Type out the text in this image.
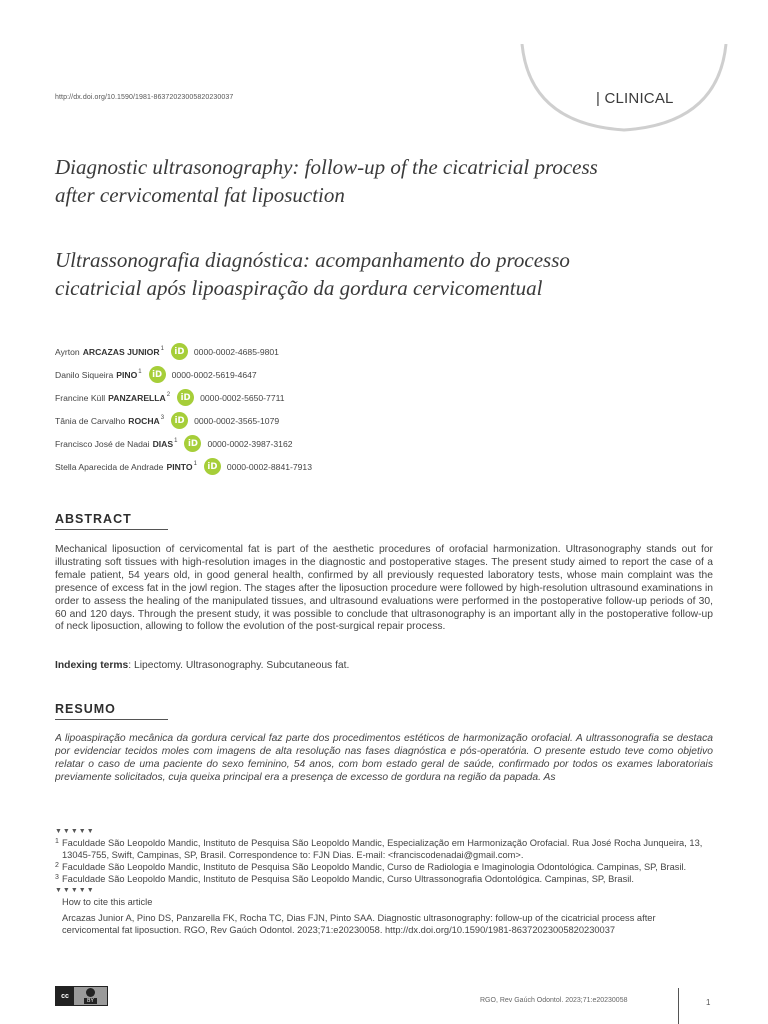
http://dx.doi.org/10.1590/1981-86372023005820230037	| CLINICAL
Diagnostic ultrasonography: follow-up of the cicatricial process after cervicomental fat liposuction
Ultrassonografia diagnóstica: acompanhamento do processo cicatricial após lipoaspiração da gordura cervicomentual
Ayrton ARCAZAS JUNIOR$^1$	iD	0000-0002-4685-9801
Danilo Siqueira PINO$^1$	iD	0000-0002-5619-4647
Francine Küll PANZARELLA$^2$	iD	0000-0002-5650-7711
Tânia de Carvalho ROCHA$^3$	iD	0000-0002-3565-1079
Francisco José de Nadai DIAS$^1$	iD	0000-0002-3987-3162
Stella Aparecida de Andrade PINTO$^1$	iD	0000-0002-8841-7913
ABSTRACT

Mechanical liposuction of cervicomental fat is part of the aesthetic procedures of orofacial harmonization. Ultrasonography stands out for illustrating soft tissues with high-resolution images in the diagnostic and postoperative stages. The present study aimed to report the case of a female patient, 54 years old, in good general health, confirmed by all previously requested laboratory tests, whose main complaint was the presence of excess fat in the jowl region. The stages after the liposuction procedure were followed by high-resolution ultrasound examinations in order to assess the healing of the manipulated tissues, and ultrasound evaluations were performed in the postoperative follow-up periods of 30, 60 and 120 days. Through the present study, it was possible to conclude that ultrasonography is an important ally in the postoperative follow-up of neck liposuction, allowing to follow the evolution of the post-surgical repair process.

Indexing terms: Lipectomy. Ultrasonography. Subcutaneous fat.

RESUMO

A lipoaspiração mecânica da gordura cervical faz parte dos procedimentos estéticos de harmonização orofacial. A ultrassonografia se destaca por evidenciar tecidos moles com imagens de alta resolução nas fases diagnóstica e pós-operatória. O presente estudo teve como objetivo relatar o caso de uma paciente do sexo feminino, 54 anos, com bom estado geral de saúde, confirmado por todos os exames laboratoriais previamente solicitados, cuja queixa principal era a presença de excesso de gordura na região da papada. As

▼▼▼▼▼
1 Faculdade São Leopoldo Mandic, Instituto de Pesquisa São Leopoldo Mandic, Especialização em Harmonização Orofacial. Rua José Rocha Junqueira, 13, 13045-755, Swift, Campinas, SP, Brasil. Correspondence to: FJN Dias. E-mail: <franciscodenadai@gmail.com>.
2 Faculdade São Leopoldo Mandic, Instituto de Pesquisa São Leopoldo Mandic, Curso de Radiologia e Imaginologia Odontológica. Campinas, SP, Brasil.
3 Faculdade São Leopoldo Mandic, Instituto de Pesquisa São Leopoldo Mandic, Curso Ultrassonografia Odontológica. Campinas, SP, Brasil.
▼▼▼▼▼

How to cite this article

Arcazas Junior A, Pino DS, Panzarella FK, Rocha TC, Dias FJN, Pinto SAA. Diagnostic ultrasonography: follow-up of the cicatricial process after cervicomental fat liposuction. RGO, Rev Gaúch Odontol. 2023;71:e20230058. http://dx.doi.org/10.1590/1981-86372023005820230037

cc
BY	RGO, Rev Gaúch Odontol. 2023;71:e20230058	1
